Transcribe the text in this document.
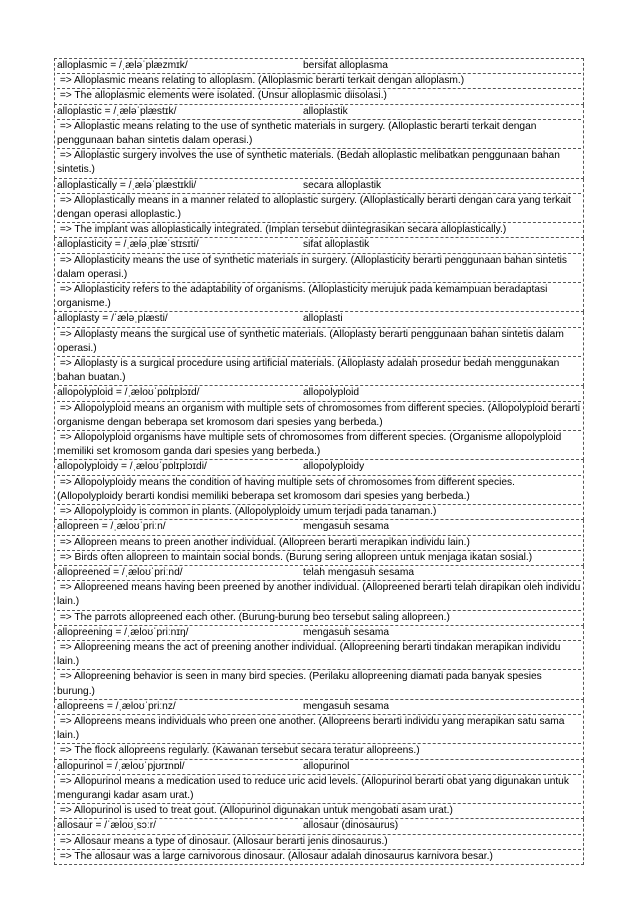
alloplasmic = /ˌæləˈplæzmɪk/	bersifat alloplasma
=> Alloplasmic means relating to alloplasm. (Alloplasmic berarti terkait dengan alloplasm.)
=> The alloplasmic elements were isolated. (Unsur alloplasmic diisolasi.)
alloplastic = /ˌæləˈplæstɪk/	alloplastik
=> Alloplastic means relating to the use of synthetic materials in surgery. (Alloplastic berarti terkait dengan penggunaan bahan sintetis dalam operasi.)
=> Alloplastic surgery involves the use of synthetic materials. (Bedah alloplastic melibatkan penggunaan bahan sintetis.)
alloplastically = /ˌæləˈplæstɪkli/	secara alloplastik
=> Alloplastically means in a manner related to alloplastic surgery. (Alloplastically berarti dengan cara yang terkait dengan operasi alloplastic.)
=> The implant was alloplastically integrated. (Implan tersebut diintegrasikan secara alloplastically.)
alloplasticity = /ˌæləˌplæˈstɪsɪti/	sifat alloplastik
=> Alloplasticity means the use of synthetic materials in surgery. (Alloplasticity berarti penggunaan bahan sintetis dalam operasi.)
=> Alloplasticity refers to the adaptability of organisms. (Alloplasticity merujuk pada kemampuan beradaptasi organisme.)
alloplasty = /ˈæləˌplæsti/	alloplasti
=> Alloplasty means the surgical use of synthetic materials. (Alloplasty berarti penggunaan bahan sintetis dalam operasi.)
=> Alloplasty is a surgical procedure using artificial materials. (Alloplasty adalah prosedur bedah menggunakan bahan buatan.)
allopolyploid = /ˌæloʊˈpɒlɪplɔɪd/	allopolyploid
=> Allopolyploid means an organism with multiple sets of chromosomes from different species. (Allopolyploid berarti organisme dengan beberapa set kromosom dari spesies yang berbeda.)
=> Allopolyploid organisms have multiple sets of chromosomes from different species. (Organisme allopolyploid memiliki set kromosom ganda dari spesies yang berbeda.)
allopolyploidy = /ˌæloʊˈpɒlɪplɔɪdi/	allopolyploidy
=> Allopolyploidy means the condition of having multiple sets of chromosomes from different species. (Allopolyploidy berarti kondisi memiliki beberapa set kromosom dari spesies yang berbeda.)
=> Allopolyploidy is common in plants. (Allopolyploidy umum terjadi pada tanaman.)
allopreen = /ˌæloʊˈpriːn/	mengasuh sesama
=> Allopreen means to preen another individual. (Allopreen berarti merapikan individu lain.)
=> Birds often allopreen to maintain social bonds. (Burung sering allopreen untuk menjaga ikatan sosial.)
allopreened = /ˌæloʊˈpriːnd/	telah mengasuh sesama
=> Allopreened means having been preened by another individual. (Allopreened berarti telah dirapikan oleh individu lain.)
=> The parrots allopreened each other. (Burung-burung beo tersebut saling allopreen.)
allopreening = /ˌæloʊˈpriːnɪŋ/	mengasuh sesama
=> Allopreening means the act of preening another individual. (Allopreening berarti tindakan merapikan individu lain.)
=> Allopreening behavior is seen in many bird species. (Perilaku allopreening diamati pada banyak spesies burung.)
allopreens = /ˌæloʊˈpriːnz/	mengasuh sesama
=> Allopreens means individuals who preen one another. (Allopreens berarti individu yang merapikan satu sama lain.)
=> The flock allopreens regularly. (Kawanan tersebut secara teratur allopreens.)
allopurinol = /ˌæloʊˈpjʊrɪnɒl/	allopurinol
=> Allopurinol means a medication used to reduce uric acid levels. (Allopurinol berarti obat yang digunakan untuk mengurangi kadar asam urat.)
=> Allopurinol is used to treat gout. (Allopurinol digunakan untuk mengobati asam urat.)
allosaur = /ˈæloʊˌsɔːr/	allosaur (dinosaurus)
=> Allosaur means a type of dinosaur. (Allosaur berarti jenis dinosaurus.)
=> The allosaur was a large carnivorous dinosaur. (Allosaur adalah dinosaurus karnivora besar.)
